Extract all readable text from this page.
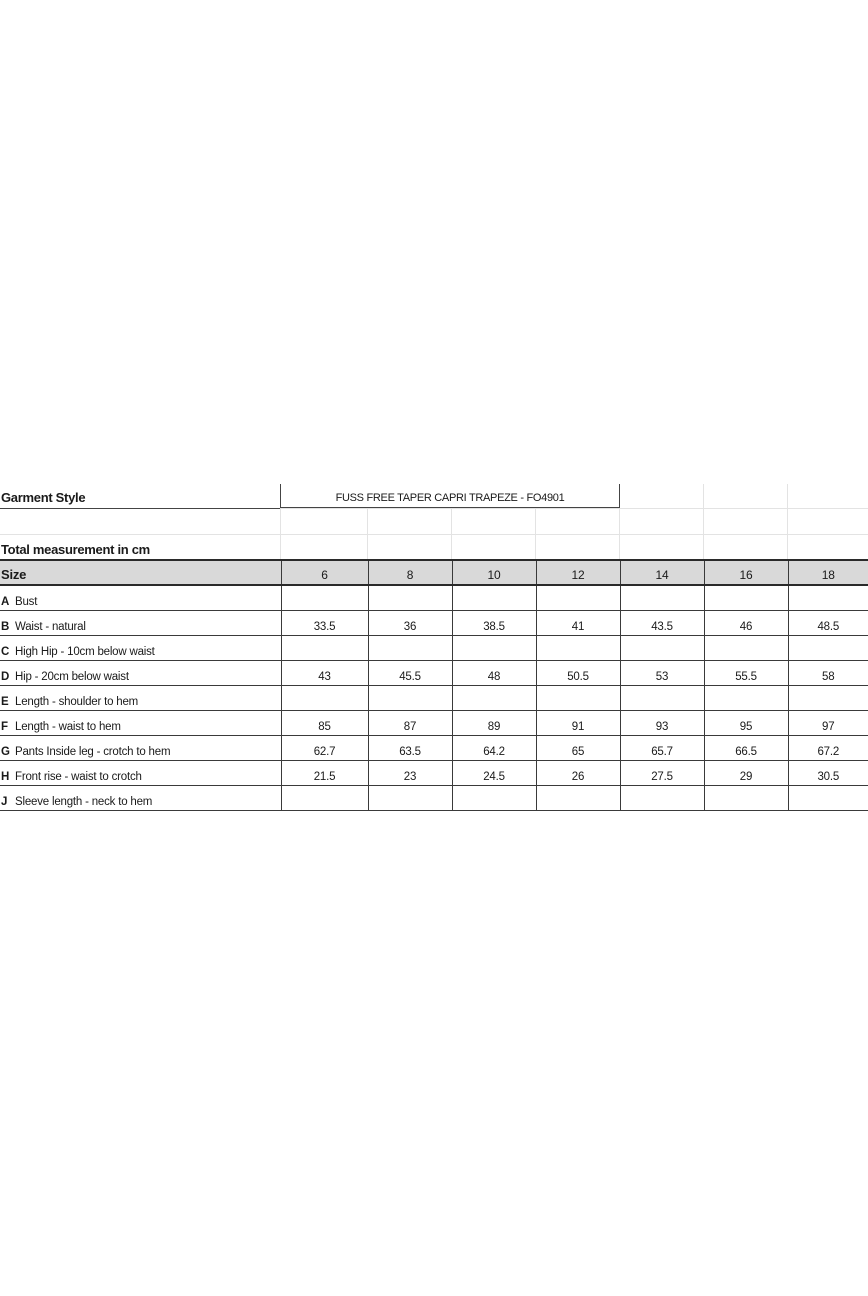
Garment Style	FUSS FREE TAPER CAPRI TRAPEZE - FO4901
Total measurement in cm
Size	6	8	10	12	14	16	18
A Bust							
B Waist - natural	33.5	36	38.5	41	43.5	46	48.5
C High Hip - 10cm below waist							
D Hip - 20cm below waist	43	45.5	48	50.5	53	55.5	58
E Length - shoulder to hem							
F Length - waist to hem	85	87	89	91	93	95	97
G Pants Inside leg - crotch to hem	62.7	63.5	64.2	65	65.7	66.5	67.2
H Front rise - waist to crotch	21.5	23	24.5	26	27.5	29	30.5
J Sleeve length - neck to hem							
